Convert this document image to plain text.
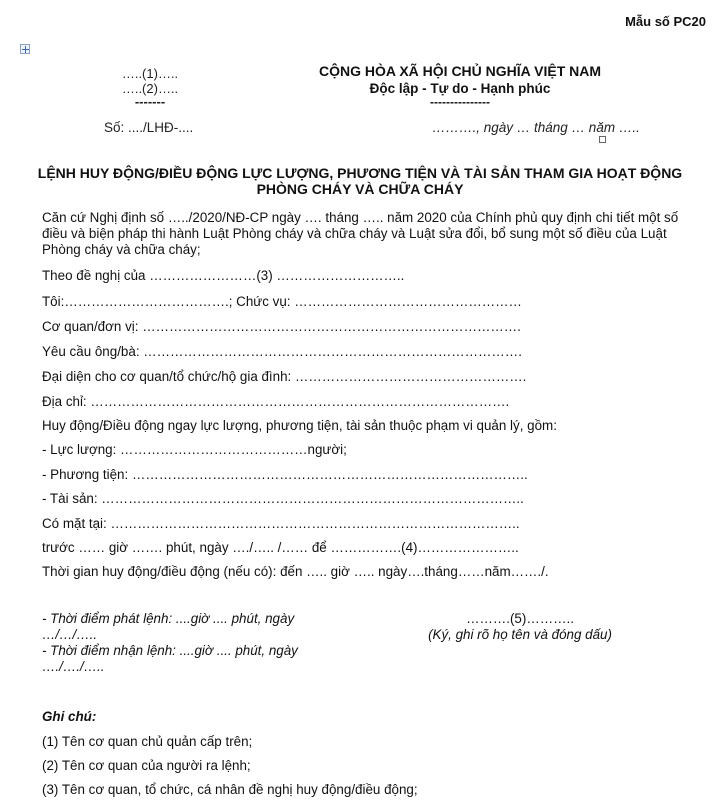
Mẫu số PC20
…..(1)…..
…..(2)…..
-------
CỘNG HÒA XÃ HỘI CHỦ NGHĨA VIỆT NAM
Độc lập - Tự do - Hạnh phúc
---------------
Số: ..../LHĐ-....	………., ngày … tháng … năm …..
LỆNH HUY ĐỘNG/ĐIỀU ĐỘNG LỰC LƯỢNG, PHƯƠNG TIỆN VÀ TÀI SẢN THAM GIA HOẠT ĐỘNG PHÒNG CHÁY VÀ CHỮA CHÁY
Căn cứ Nghị định số …../2020/NĐ-CP ngày …. tháng ….. năm 2020 của Chính phủ quy định chi tiết một số điều và biện pháp thi hành Luật Phòng cháy và chữa cháy và Luật sửa đổi, bổ sung một số điều của Luật Phòng cháy và chữa cháy;
Theo đề nghị của ……………………(3) ………………………..
Tôi:……………………………….; Chức vụ: ……………………………………………
Cơ quan/đơn vị: ………………………………………………………………………….
Yêu cầu ông/bà: ………………………………………………………………………….
Đại diện cho cơ quan/tổ chức/hộ gia đình: …………………………………………….
Địa chỉ: ………………………………………………………………………………….
Huy động/Điều động ngay lực lượng, phương tiện, tài sản thuộc phạm vi quản lý, gồm:
- Lực lượng: ……………………………………người;
- Phương tiện: ……………………………………………………………………………..
- Tài sản: …………………………………………………………………………………..
Có mặt tại: ………………………………………………………………………………..
trước …… giờ ……. phút, ngày …./….. /…… để …………….(4)…………………..
Thời gian huy động/điều động (nếu có): đến ….. giờ ….. ngày….tháng……năm……./.
- Thời điểm phát lệnh: ....giờ .... phút, ngày …/…/…..
- Thời điểm nhận lệnh: ....giờ .... phút, ngày …./…./…..
……….(5)………..
(Ký, ghi rõ họ tên và đóng dấu)
Ghi chú:
(1) Tên cơ quan chủ quản cấp trên;
(2) Tên cơ quan của người ra lệnh;
(3) Tên cơ quan, tổ chức, cá nhân đề nghị huy động/điều động;
